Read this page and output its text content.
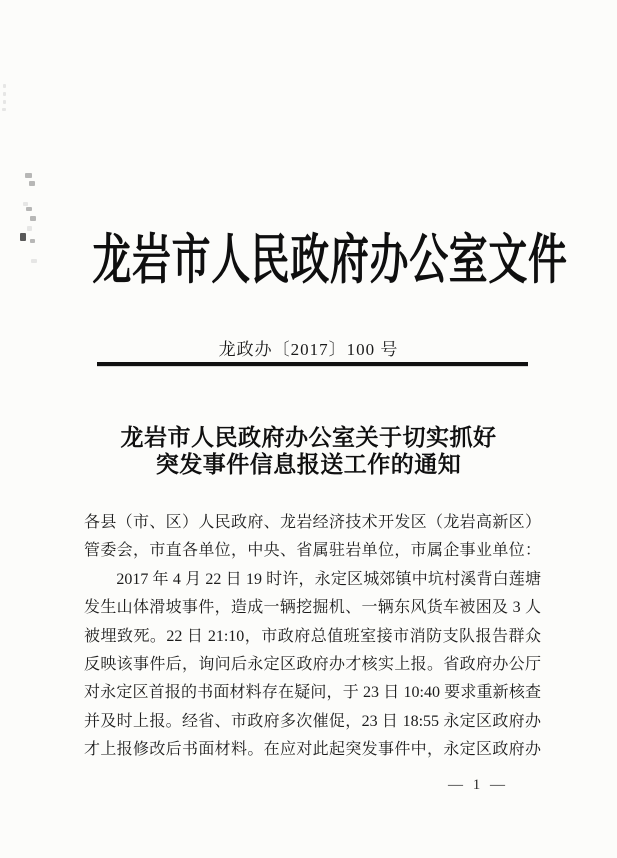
龙岩市人民政府办公室文件
龙政办〔2017〕100 号
龙岩市人民政府办公室关于切实抓好
突发事件信息报送工作的通知
各县（市、区）人民政府、龙岩经济技术开发区（龙岩高新区）
管委会，市直各单位，中央、省属驻岩单位，市属企事业单位：
　　2017 年 4 月 22 日 19 时许，永定区城郊镇中坑村溪背白莲塘
发生山体滑坡事件，造成一辆挖掘机、一辆东风货车被困及 3 人
被埋致死。22 日 21:10，市政府总值班室接市消防支队报告群众
反映该事件后，询问后永定区政府办才核实上报。省政府办公厅
对永定区首报的书面材料存在疑问，于 23 日 10:40 要求重新核查
并及时上报。经省、市政府多次催促，23 日 18:55 永定区政府办
才上报修改后书面材料。在应对此起突发事件中，永定区政府办
— 1 —
